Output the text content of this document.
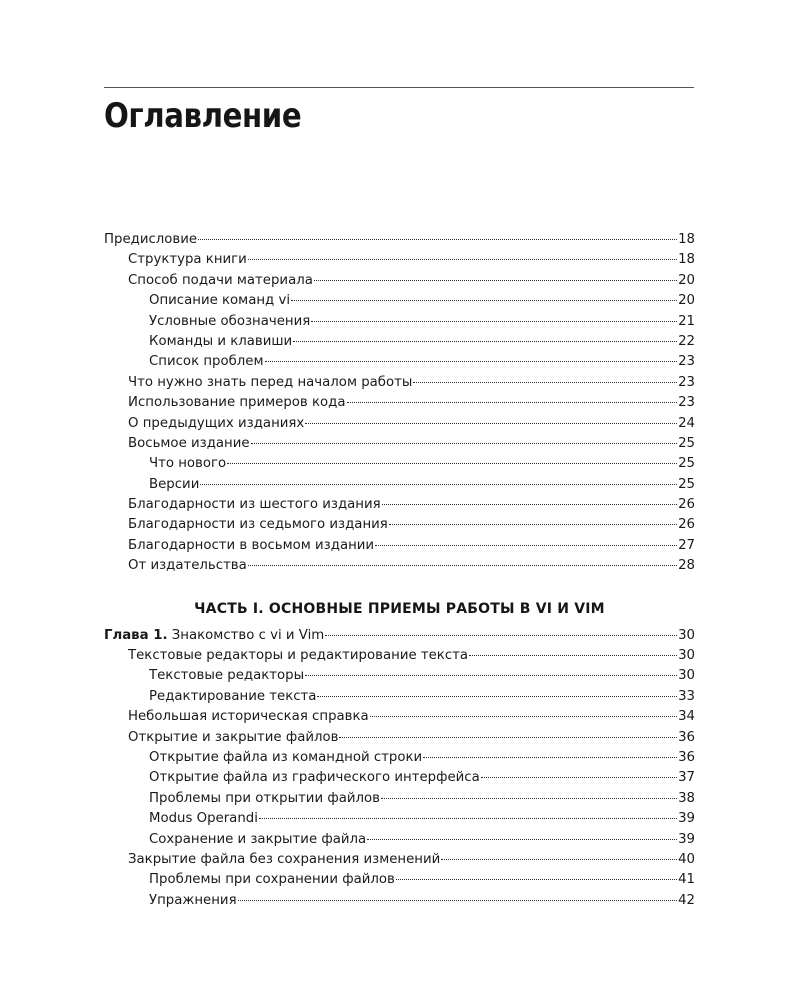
Оглавление
Предисловие	18
Структура книги	18
Способ подачи материала	20
Описание команд vi	20
Условные обозначения	21
Команды и клавиши	22
Список проблем	23
Что нужно знать перед началом работы	23
Использование примеров кода	23
О предыдущих изданиях	24
Восьмое издание	25
Что нового	25
Версии	25
Благодарности из шестого издания	26
Благодарности из седьмого издания	26
Благодарности в восьмом издании	27
От издательства	28
ЧАСТЬ I. ОСНОВНЫЕ ПРИЕМЫ РАБОТЫ В VI И VIM
Глава 1. Знакомство с vi и Vim	30
Текстовые редакторы и редактирование текста	30
Текстовые редакторы	30
Редактирование текста	33
Небольшая историческая справка	34
Открытие и закрытие файлов	36
Открытие файла из командной строки	36
Открытие файла из графического интерфейса	37
Проблемы при открытии файлов	38
Modus Operandi	39
Сохранение и закрытие файла	39
Закрытие файла без сохранения изменений	40
Проблемы при сохранении файлов	41
Упражнения	42
